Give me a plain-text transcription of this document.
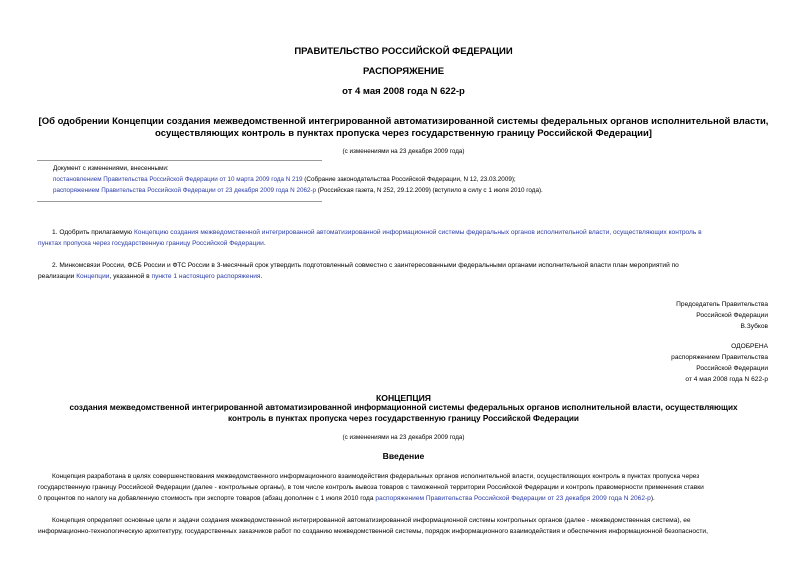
ПРАВИТЕЛЬСТВО РОССИЙСКОЙ ФЕДЕРАЦИИ
РАСПОРЯЖЕНИЕ
от 4 мая 2008 года N 622-р
[Об одобрении Концепции создания межведомственной интегрированной автоматизированной системы федеральных органов исполнительной власти,
осуществляющих контроль в пунктах пропуска через государственную границу Российской Федерации]
(с изменениями на 23 декабря 2009 года)
Документ с изменениями, внесенными:
постановлением Правительства Российской Федерации от 10 марта 2009 года N 219 (Собрание законодательства Российской Федерации, N 12, 23.03.2009);
распоряжением Правительства Российской Федерации от 23 декабря 2009 года N 2062-р (Российская газета, N 252, 29.12.2009) (вступило в силу с 1 июля 2010 года).
1. Одобрить прилагаемую Концепцию создания межведомственной интегрированной автоматизированной информационной системы федеральных органов исполнительной власти, осуществляющих контроль в
пунктах пропуска через государственную границу Российской Федерации.
2. Минкомсвязи России, ФСБ России и ФТС России в 3-месячный срок утвердить подготовленный совместно с заинтересованными федеральными органами исполнительной власти план мероприятий по
реализации Концепции, указанной в пункте 1 настоящего распоряжения.
Председатель Правительства
Российской Федерации
В.Зубков
ОДОБРЕНА
распоряжением Правительства
Российской Федерации
от 4 мая 2008 года N 622-р
КОНЦЕПЦИЯ
создания межведомственной интегрированной автоматизированной информационной системы федеральных органов исполнительной власти, осуществляющих
контроль в пунктах пропуска через государственную границу Российской Федерации
(с изменениями на 23 декабря 2009 года)
Введение
Концепция разработана в целях совершенствования межведомственного информационного взаимодействия федеральных органов исполнительной власти, осуществляющих контроль в пунктах пропуска через
государственную границу Российской Федерации (далее - контрольные органы), в том числе контроль вывоза товаров с таможенной территории Российской Федерации и контроль правомерности применения ставки
0 процентов по налогу на добавленную стоимость при экспорте товаров (абзац дополнен с 1 июля 2010 года распоряжением Правительства Российской Федерации от 23 декабря 2009 года N 2062-р).
Концепция определяет основные цели и задачи создания межведомственной интегрированной автоматизированной информационной системы контрольных органов (далее - межведомственная система), ее
информационно-технологическую архитектуру, государственных заказчиков работ по созданию межведомственной системы, порядок информационного взаимодействия и обеспечения информационной безопасности,
